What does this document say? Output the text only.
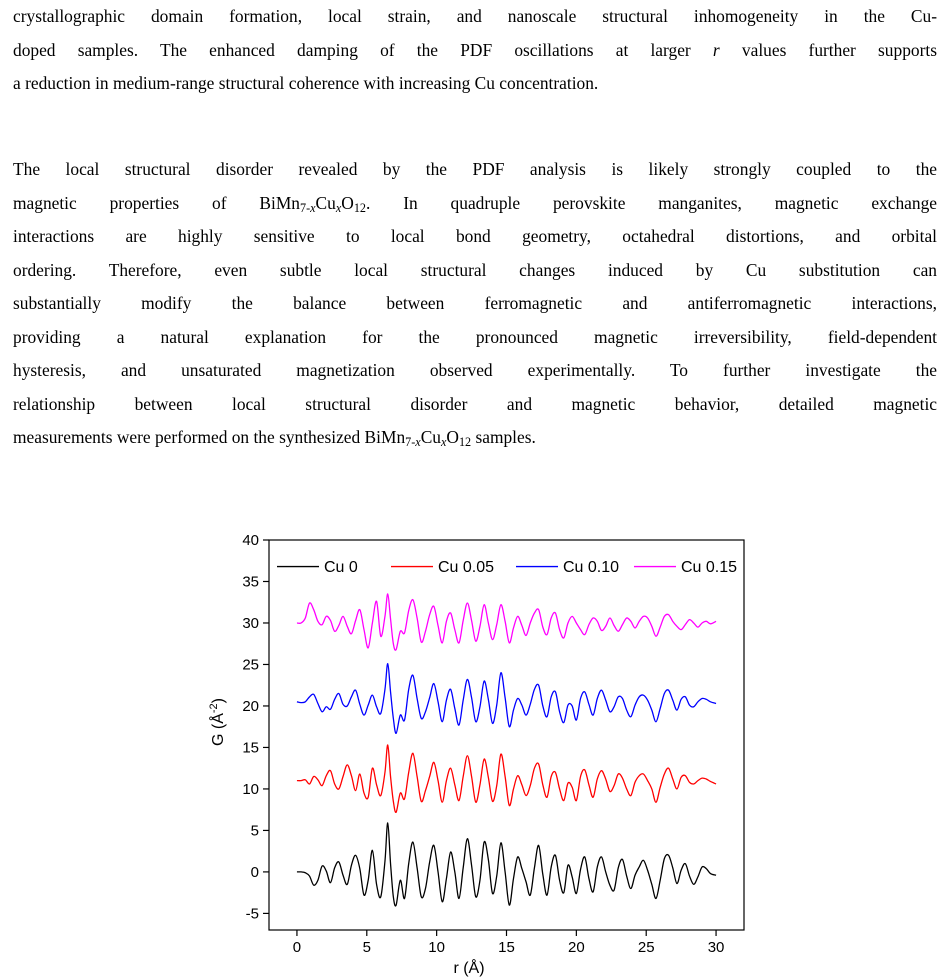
crystallographic domain formation, local strain, and nanoscale structural inhomogeneity in the Cu-
doped samples. The enhanced damping of the PDF oscillations at larger r values further supports
a reduction in medium-range structural coherence with increasing Cu concentration.

The local structural disorder revealed by the PDF analysis is likely strongly coupled to the
magnetic properties of $BiMn_{7-x}Cu_xO_{12}$. In quadruple perovskite manganites, magnetic exchange
interactions are highly sensitive to local bond geometry, octahedral distortions, and orbital
ordering. Therefore, even subtle local structural changes induced by Cu substitution can
substantially modify the balance between ferromagnetic and antiferromagnetic interactions,
providing a natural explanation for the pronounced magnetic irreversibility, field-dependent
hysteresis, and unsaturated magnetization observed experimentally. To further investigate the
relationship between local structural disorder and magnetic behavior, detailed magnetic
measurements were performed on the synthesized $BiMn_{7-x}Cu_xO_{12}$ samples.

0	5	10	15	20	25	30
-5
0
5
10
15
20
25
30
35
40
Cu 0	Cu 0.05	Cu 0.10	Cu 0.15
r (Å)
G $(Å^{-2})$
